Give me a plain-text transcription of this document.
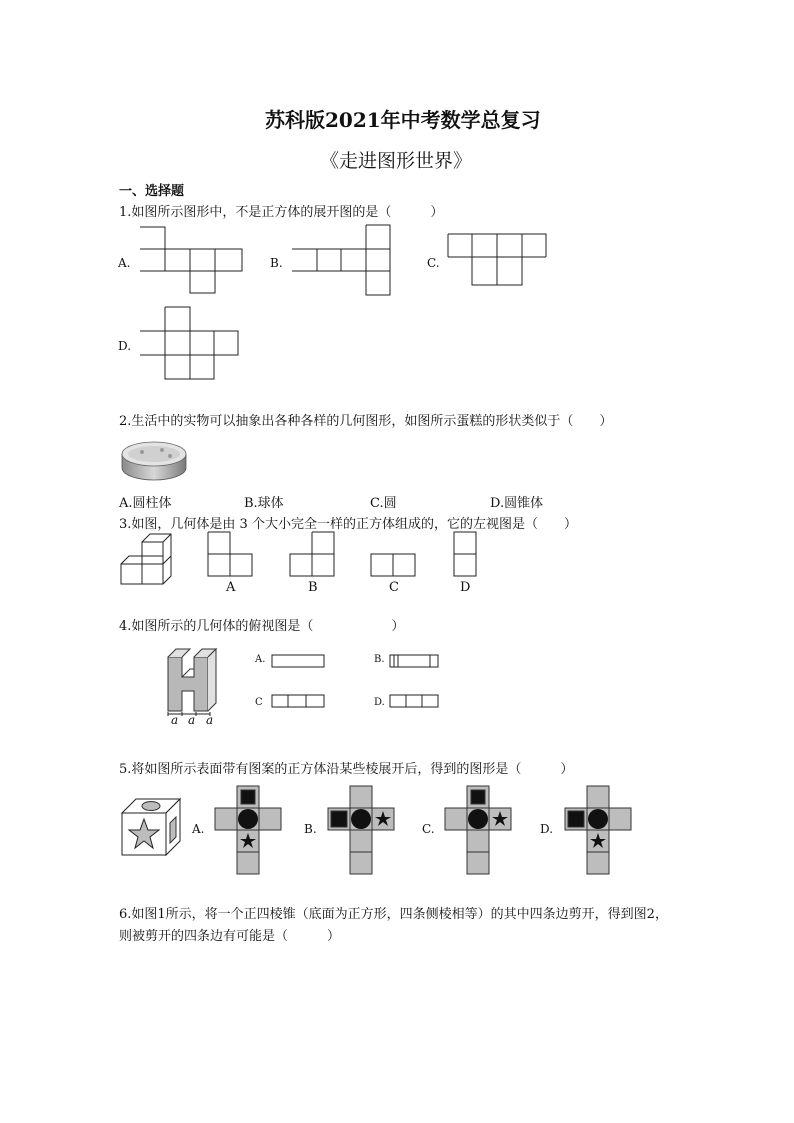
苏科版2021年中考数学总复习
《走进图形世界》
一、选择题
1.如图所示图形中，不是正方体的展开图的是（　　　）
A.	B.	C.
D.
2.生活中的实物可以抽象出各种各样的几何图形，如图所示蛋糕的形状类似于（　　）
A.圆柱体	B.球体	C.圆	D.圆锥体
3.如图，几何体是由 3 个大小完全一样的正方体组成的，它的左视图是（　　）
A	B	C	D
4.如图所示的几何体的俯视图是（　　　　　　）
a a a
A.	B.
C	D.
5.将如图所示表面带有图案的正方体沿某些棱展开后，得到的图形是（　　　）
A.	B.	C.	D.
6.如图1所示，将一个正四棱锥（底面为正方形，四条侧棱相等）的其中四条边剪开，得到图2，
则被剪开的四条边有可能是（　　　）
